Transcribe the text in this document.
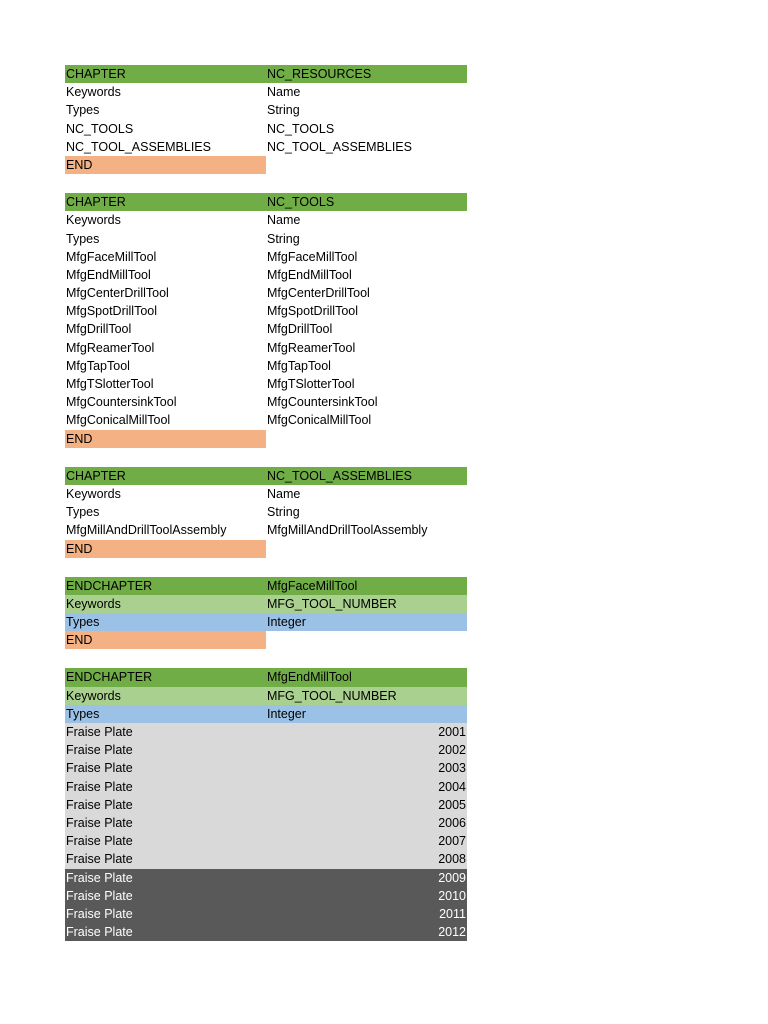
CHAPTER	NC_RESOURCES
Keywords	Name
Types	String
NC_TOOLS	NC_TOOLS
NC_TOOL_ASSEMBLIES	NC_TOOL_ASSEMBLIES
END
CHAPTER	NC_TOOLS
Keywords	Name
Types	String
MfgFaceMillTool	MfgFaceMillTool
MfgEndMillTool	MfgEndMillTool
MfgCenterDrillTool	MfgCenterDrillTool
MfgSpotDrillTool	MfgSpotDrillTool
MfgDrillTool	MfgDrillTool
MfgReamerTool	MfgReamerTool
MfgTapTool	MfgTapTool
MfgTSlotterTool	MfgTSlotterTool
MfgCountersinkTool	MfgCountersinkTool
MfgConicalMillTool	MfgConicalMillTool
END
CHAPTER	NC_TOOL_ASSEMBLIES
Keywords	Name
Types	String
MfgMillAndDrillToolAssembly	MfgMillAndDrillToolAssembly
END
ENDCHAPTER	MfgFaceMillTool
Keywords	MFG_TOOL_NUMBER
Types	Integer
END
ENDCHAPTER	MfgEndMillTool
Keywords	MFG_TOOL_NUMBER
Types	Integer
Fraise Plate	2001
Fraise Plate	2002
Fraise Plate	2003
Fraise Plate	2004
Fraise Plate	2005
Fraise Plate	2006
Fraise Plate	2007
Fraise Plate	2008
Fraise Plate	2009
Fraise Plate	2010
Fraise Plate	2011
Fraise Plate	2012
